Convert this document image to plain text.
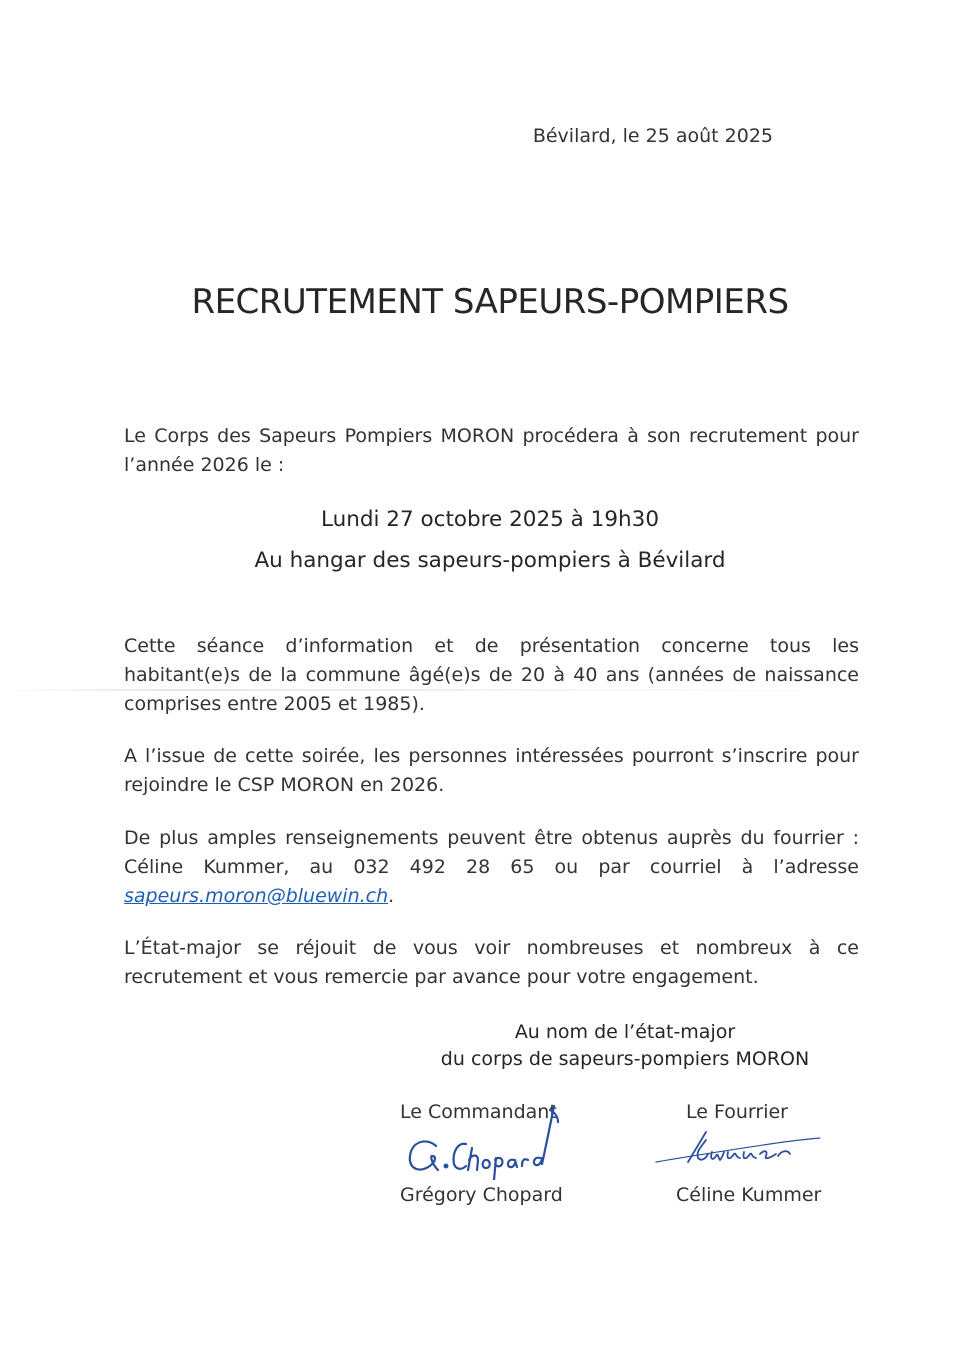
Bévilard, le 25 août 2025
RECRUTEMENT SAPEURS-POMPIERS
Le Corps des Sapeurs Pompiers MORON procédera à son recrutement pour l’année 2026 le :
Lundi 27 octobre 2025 à 19h30
Au hangar des sapeurs-pompiers à Bévilard
Cette séance d’information et de présentation concerne tous les habitant(e)s de la commune âgé(e)s de 20 à 40 ans (années de naissance comprises entre 2005 et 1985).
A l’issue de cette soirée, les personnes intéressées pourront s’inscrire pour rejoindre le CSP MORON en 2026.
De plus amples renseignements peuvent être obtenus auprès du fourrier : Céline Kummer, au 032 492 28 65 ou par courriel à l’adresse sapeurs.moron@bluewin.ch.
L’État-major se réjouit de vous voir nombreuses et nombreux à ce recrutement et vous remercie par avance pour votre engagement.
Au nom de l’état-major
du corps de sapeurs-pompiers MORON
Le Commandant	Le Fourrier
G.Chopard
Kummer
Grégory Chopard	Céline Kummer
